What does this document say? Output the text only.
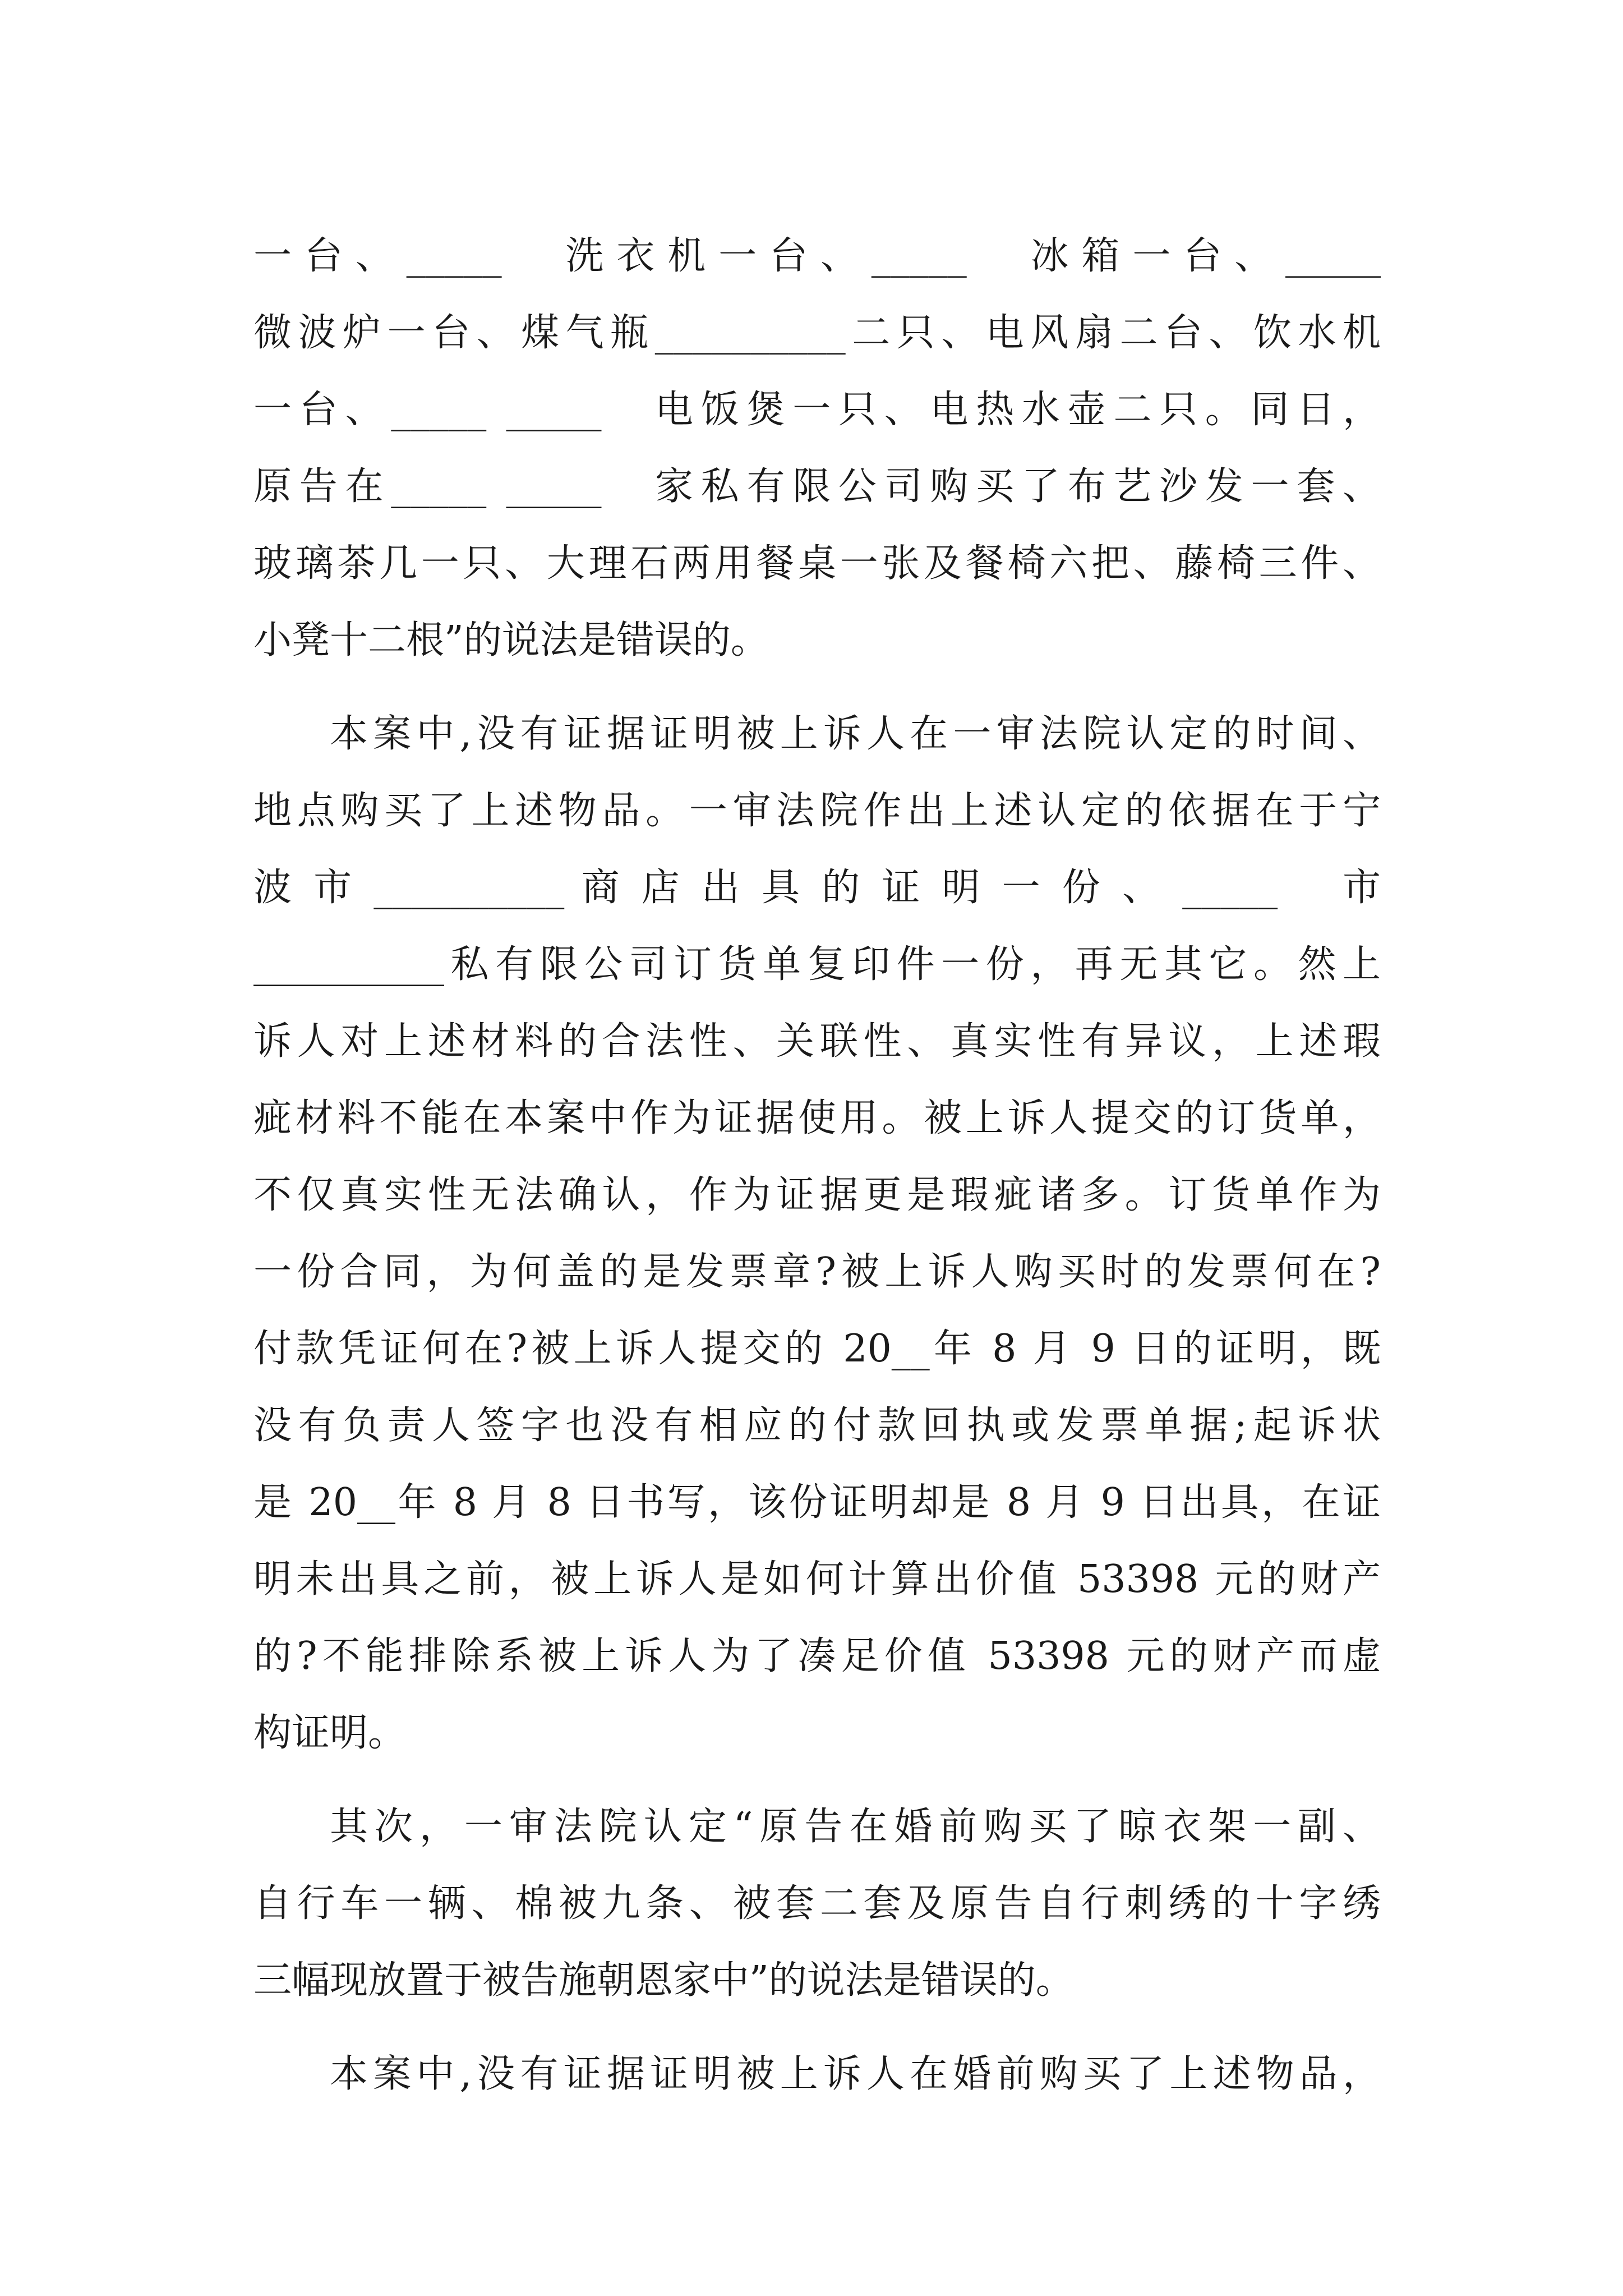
一台、_____　洗衣机一台、_____　冰箱一台、_____
微波炉一台、煤气瓶__________二只、电风扇二台、饮水机
一台、_____ _____　电饭煲一只、电热水壶二只。同日，
原告在_____ _____　家私有限公司购买了布艺沙发一套、
玻璃茶几一只、大理石两用餐桌一张及餐椅六把、藤椅三件、
小凳十二根”的说法是错误的。
本案中,没有证据证明被上诉人在一审法院认定的时间、
地点购买了上述物品。一审法院作出上述认定的依据在于宁
波 市 __________ 商 店 出 具 的 证 明 一 份 、 _____　 市
__________私有限公司订货单复印件一份，再无其它。然上
诉人对上述材料的合法性、关联性、真实性有异议，上述瑕
疵材料不能在本案中作为证据使用。被上诉人提交的订货单，
不仅真实性无法确认，作为证据更是瑕疵诸多。订货单作为
一份合同，为何盖的是发票章?被上诉人购买时的发票何在?
付款凭证何在?被上诉人提交的 20__年 8 月 9 日的证明，既
没有负责人签字也没有相应的付款回执或发票单据;起诉状
是 20__年 8 月 8 日书写，该份证明却是 8 月 9 日出具，在证
明未出具之前，被上诉人是如何计算出价值 53398 元的财产
的?不能排除系被上诉人为了凑足价值 53398 元的财产而虚
构证明。
其次，一审法院认定“原告在婚前购买了晾衣架一副、
自行车一辆、棉被九条、被套二套及原告自行刺绣的十字绣
三幅现放置于被告施朝恩家中”的说法是错误的。
本案中,没有证据证明被上诉人在婚前购买了上述物品，
